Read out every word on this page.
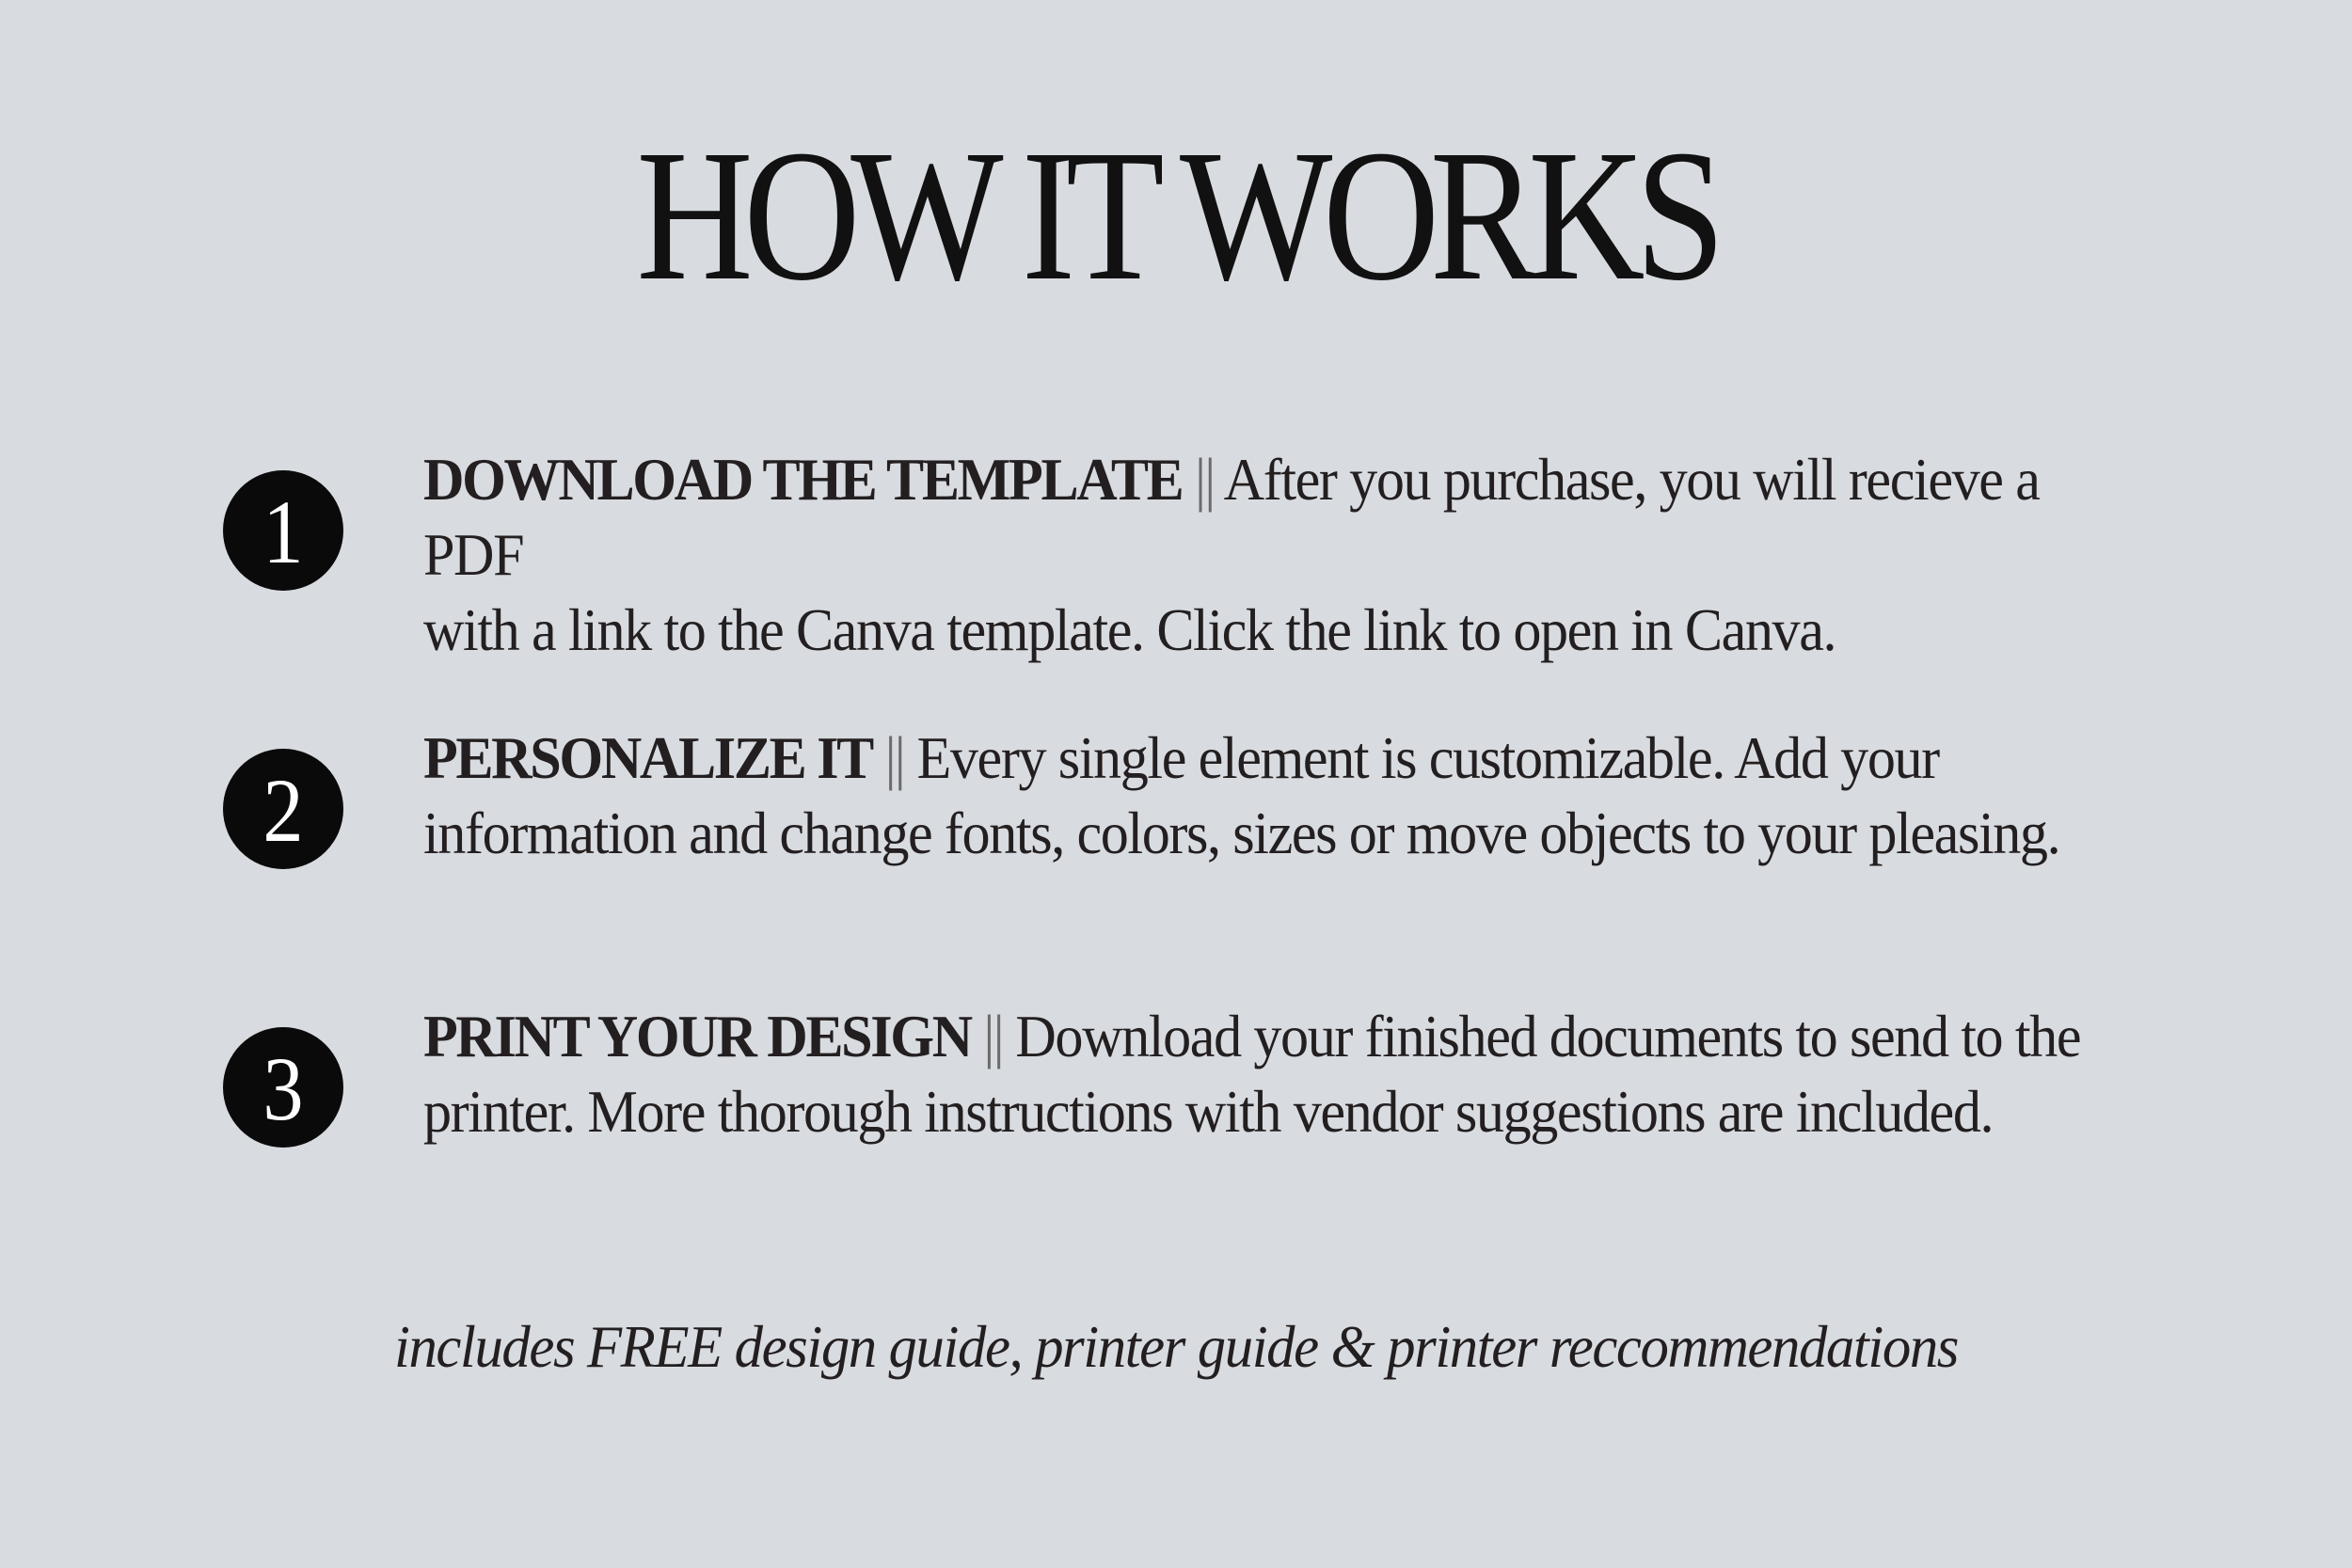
HOW IT WORKS
1
DOWNLOAD THE TEMPLATE || After you purchase, you will recieve a PDF
with a link to the Canva template. Click the link to open in Canva.
2
PERSONALIZE IT || Every single element is customizable. Add your
information and change fonts, colors, sizes or move objects to your pleasing.
3
PRINT YOUR DESIGN || Download your finished documents to send to the
printer. More thorough instructions with vendor suggestions are included.

includes FREE design guide, printer guide & printer reccommendations
